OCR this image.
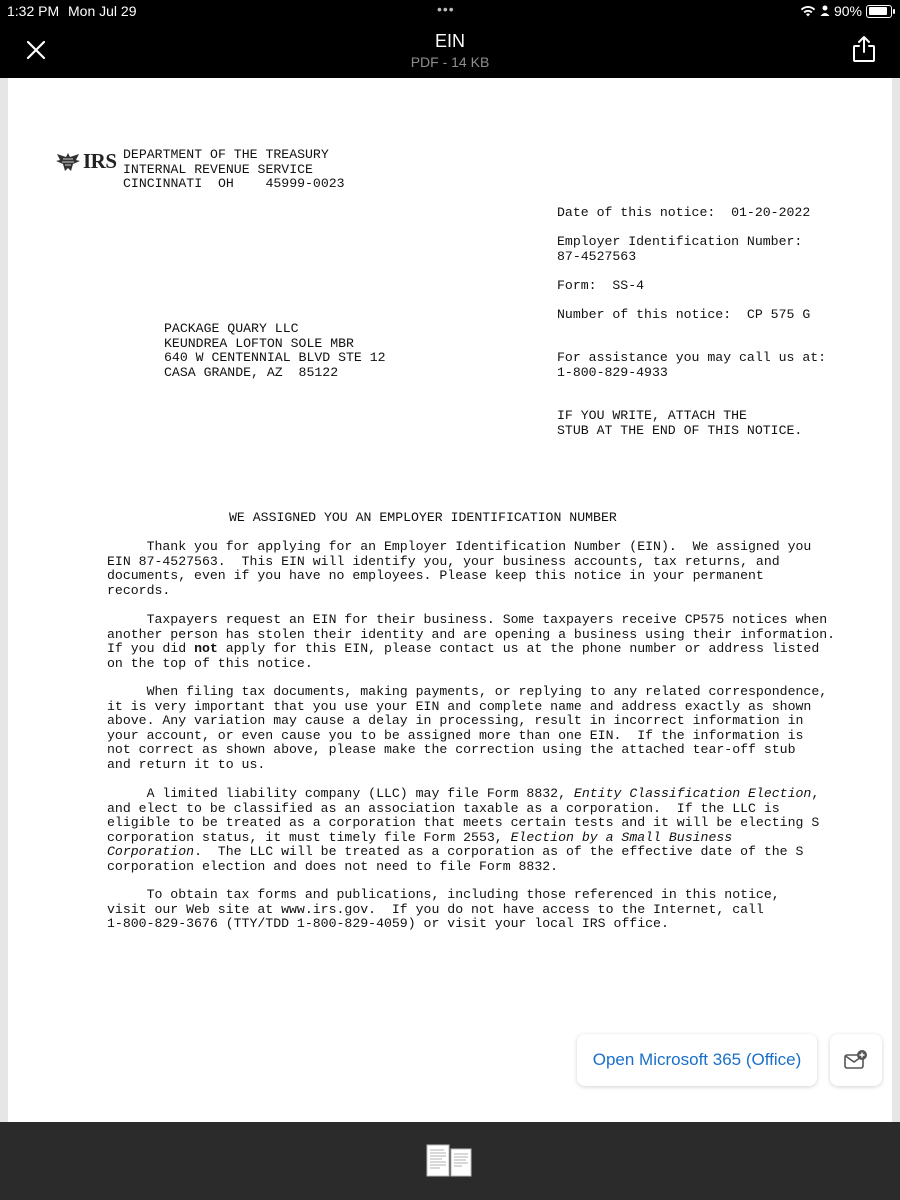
1:32 PM Mon Jul 29	•••	90%
EIN
PDF - 14 KB
IRS DEPARTMENT OF THE TREASURY
INTERNAL REVENUE SERVICE
CINCINNATI  OH    45999-0023
Date of this notice:  01-20-2022
Employer Identification Number:
87-4527563
Form:  SS-4
Number of this notice:  CP 575 G
PACKAGE QUARY LLC
KEUNDREA LOFTON SOLE MBR
640 W CENTENNIAL BLVD STE 12
CASA GRANDE, AZ  85122
For assistance you may call us at:
1-800-829-4933
IF YOU WRITE, ATTACH THE
STUB AT THE END OF THIS NOTICE.
WE ASSIGNED YOU AN EMPLOYER IDENTIFICATION NUMBER
Thank you for applying for an Employer Identification Number (EIN).  We assigned you
EIN 87-4527563.  This EIN will identify you, your business accounts, tax returns, and
documents, even if you have no employees. Please keep this notice in your permanent
records.
Taxpayers request an EIN for their business. Some taxpayers receive CP575 notices when
another person has stolen their identity and are opening a business using their information.
If you did not apply for this EIN, please contact us at the phone number or address listed
on the top of this notice.
When filing tax documents, making payments, or replying to any related correspondence,
it is very important that you use your EIN and complete name and address exactly as shown
above. Any variation may cause a delay in processing, result in incorrect information in
your account, or even cause you to be assigned more than one EIN.  If the information is
not correct as shown above, please make the correction using the attached tear-off stub
and return it to us.
A limited liability company (LLC) may file Form 8832, Entity Classification Election,
and elect to be classified as an association taxable as a corporation.  If the LLC is
eligible to be treated as a corporation that meets certain tests and it will be electing S
corporation status, it must timely file Form 2553, Election by a Small Business
Corporation.  The LLC will be treated as a corporation as of the effective date of the S
corporation election and does not need to file Form 8832.
To obtain tax forms and publications, including those referenced in this notice,
visit our Web site at www.irs.gov.  If you do not have access to the Internet, call
1-800-829-3676 (TTY/TDD 1-800-829-4059) or visit your local IRS office.
Open Microsoft 365 (Office)
